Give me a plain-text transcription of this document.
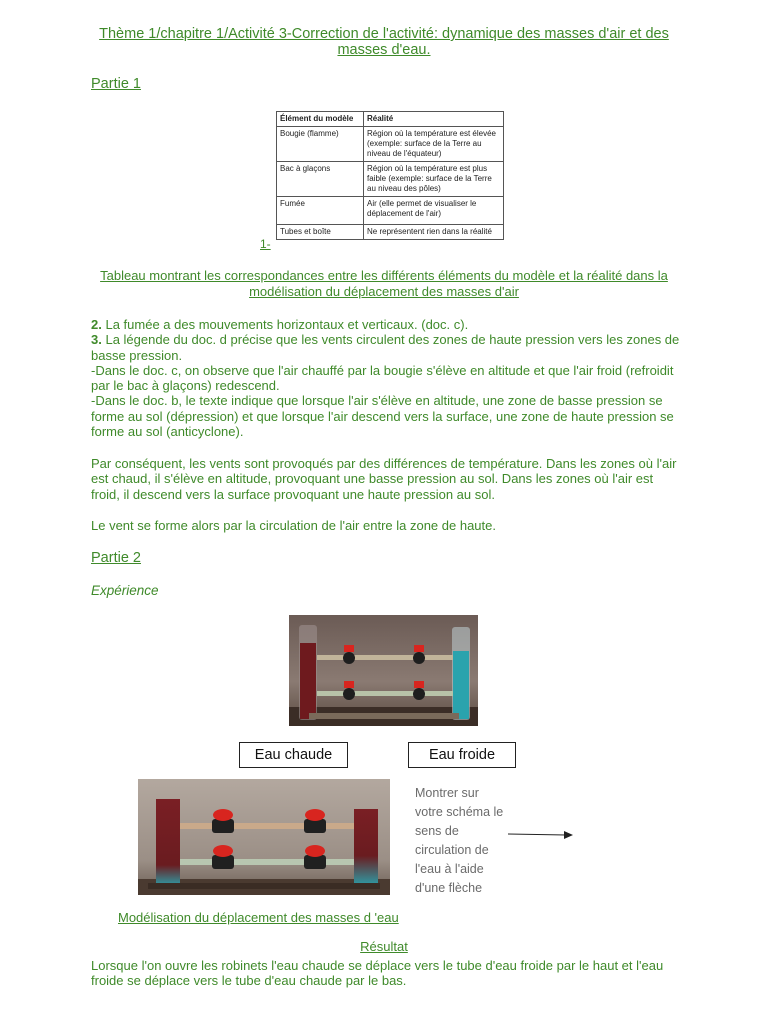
Thème 1/chapitre 1/Activité 3-Correction de l'activité: dynamique des masses d'air et des masses d'eau.
Partie 1
1-
Élément du modèle	Réalité
Bougie (flamme)	Région où la température est élevée (exemple: surface de la Terre au niveau de l'équateur)
Bac à glaçons	Région où la température est plus faible (exemple: surface de la Terre au niveau des pôles)
Fumée	Air (elle permet de visualiser le déplacement de l'air)
Tubes et boîte	Ne représentent rien dans la réalité
Tableau montrant les correspondances entre les différents éléments du modèle et la réalité dans la modélisation du déplacement des masses d'air
2. La fumée a des mouvements horizontaux et verticaux. (doc. c).
3. La légende du doc. d précise que les vents circulent des zones de haute pression vers les zones de basse pression.
-Dans le doc. c, on observe que l'air chauffé par la bougie s'élève en altitude et que l'air froid (refroidit par le bac à glaçons) redescend.
-Dans le doc. b, le texte indique que lorsque l'air s'élève en altitude, une zone de basse pression se forme au sol (dépression) et que lorsque l'air descend vers la surface, une zone de haute pression se forme au sol (anticyclone).
Par conséquent, les vents sont provoqués par des différences de température. Dans les zones où l'air est chaud, il s'élève en altitude, provoquant une basse pression au sol. Dans les zones où l'air est froid, il descend vers la surface provoquant une haute pression au sol.
Le vent se forme alors par la circulation de l'air entre la zone de haute.
Partie 2
Expérience
Eau chaude	Eau froide
Montrer sur votre schéma le sens de circulation de l'eau à l'aide d'une flèche
Modélisation du déplacement des masses d 'eau
Résultat
Lorsque l'on ouvre les robinets l'eau chaude se déplace vers le tube d'eau froide par le haut et l'eau froide se déplace vers le tube d'eau chaude par le bas.
